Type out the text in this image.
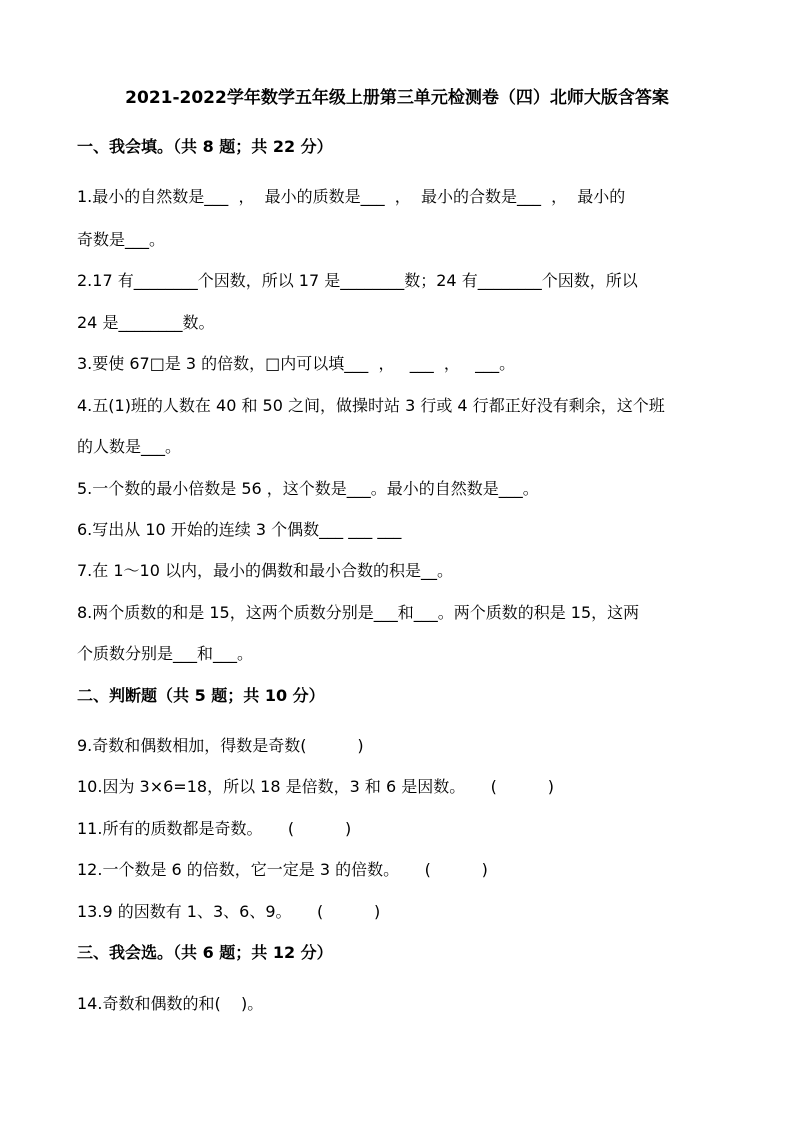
2021-2022学年数学五年级上册第三单元检测卷（四）北师大版含答案
一、我会填。（共 8 题；共 22 分）
1.最小的自然数是___  ，  最小的质数是___  ，  最小的合数是___  ，  最小的
奇数是___。
2.17 有________个因数，所以 17 是________数；24 有________个因数，所以
24 是________数。
3.要使 67□是 3 的倍数，□内可以填___  ，   ___  ，   ___。
4.五(1)班的人数在 40 和 50 之间，做操时站 3 行或 4 行都正好没有剩余，这个班
的人数是___。
5.一个数的最小倍数是 56 ，这个数是___。最小的自然数是___。
6.写出从 10 开始的连续 3 个偶数___ ___ ___
7.在 1～10 以内，最小的偶数和最小合数的积是__。
8.两个质数的和是 15，这两个质数分别是___和___。两个质数的积是 15，这两
个质数分别是___和___。
二、判断题（共 5 题；共 10 分）
9.奇数和偶数相加，得数是奇数(          )
10.因为 3×6=18，所以 18 是倍数，3 和 6 是因数。     (          )
11.所有的质数都是奇数。     (          )
12.一个数是 6 的倍数，它一定是 3 的倍数。     (          )
13.9 的因数有 1、3、6、9。     (          )
三、我会选。（共 6 题；共 12 分）
14.奇数和偶数的和(    )。
